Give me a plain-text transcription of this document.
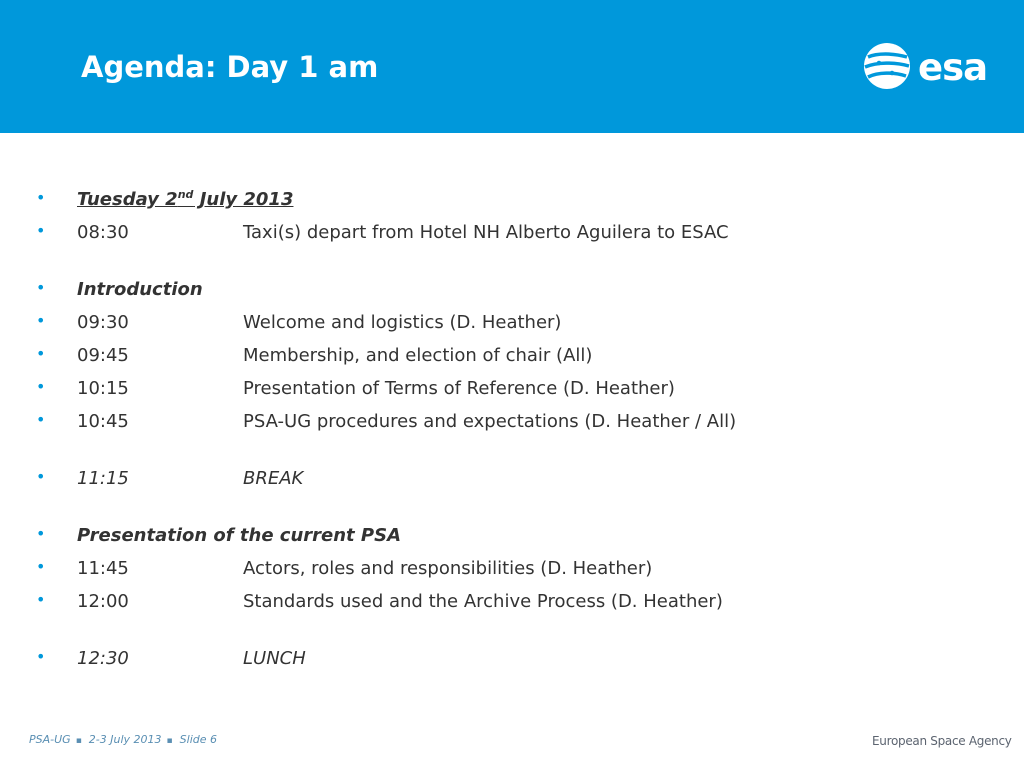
Agenda: Day 1 am	esa
• Tuesday 2nd July 2013
• 08:30	Taxi(s) depart from Hotel NH Alberto Aguilera to ESAC
• Introduction
• 09:30	Welcome and logistics (D. Heather)
• 09:45	Membership, and election of chair (All)
• 10:15	Presentation of Terms of Reference (D. Heather)
• 10:45	PSA-UG procedures and expectations (D. Heather / All)
• 11:15	BREAK
• Presentation of the current PSA
• 11:45	Actors, roles and responsibilities (D. Heather)
• 12:00	Standards used and the Archive Process (D. Heather)
• 12:30	LUNCH
PSA-UG ▪ 2-3 July 2013 ▪ Slide 6	European Space Agency
